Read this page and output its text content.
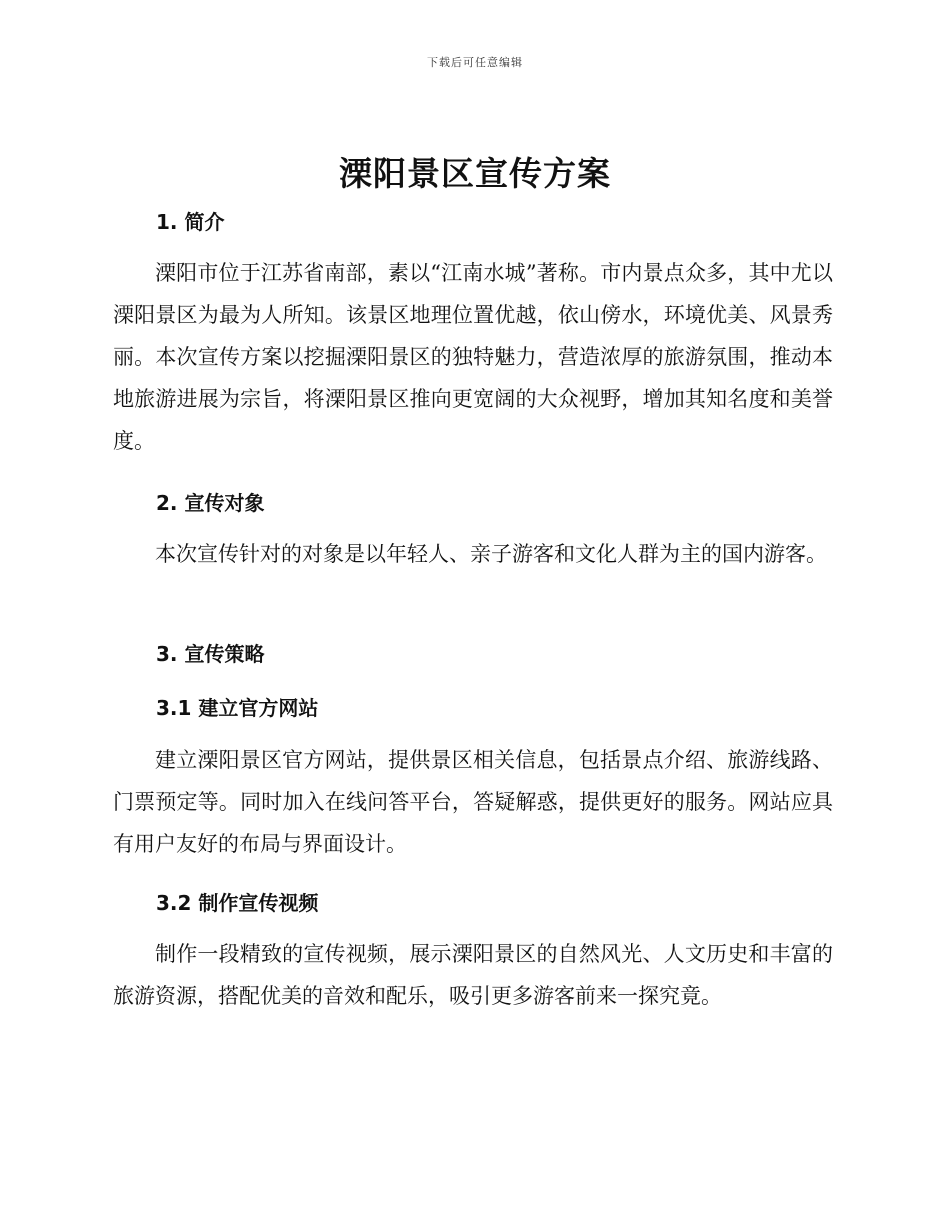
下载后可任意编辑
溧阳景区宣传方案
1. 简介

溧阳市位于江苏省南部，素以“江南水城”著称。市内景点众多，其中尤以溧阳景区为最为人所知。该景区地理位置优越，依山傍水，环境优美、风景秀丽。本次宣传方案以挖掘溧阳景区的独特魅力，营造浓厚的旅游氛围，推动本地旅游进展为宗旨，将溧阳景区推向更宽阔的大众视野，增加其知名度和美誉度。

2. 宣传对象

本次宣传针对的对象是以年轻人、亲子游客和文化人群为主的国内游客。

3. 宣传策略
3.1 建立官方网站

建立溧阳景区官方网站，提供景区相关信息，包括景点介绍、旅游线路、门票预定等。同时加入在线问答平台，答疑解惑，提供更好的服务。网站应具有用户友好的布局与界面设计。

3.2 制作宣传视频

制作一段精致的宣传视频，展示溧阳景区的自然风光、人文历史和丰富的旅游资源，搭配优美的音效和配乐，吸引更多游客前来一探究竟。
